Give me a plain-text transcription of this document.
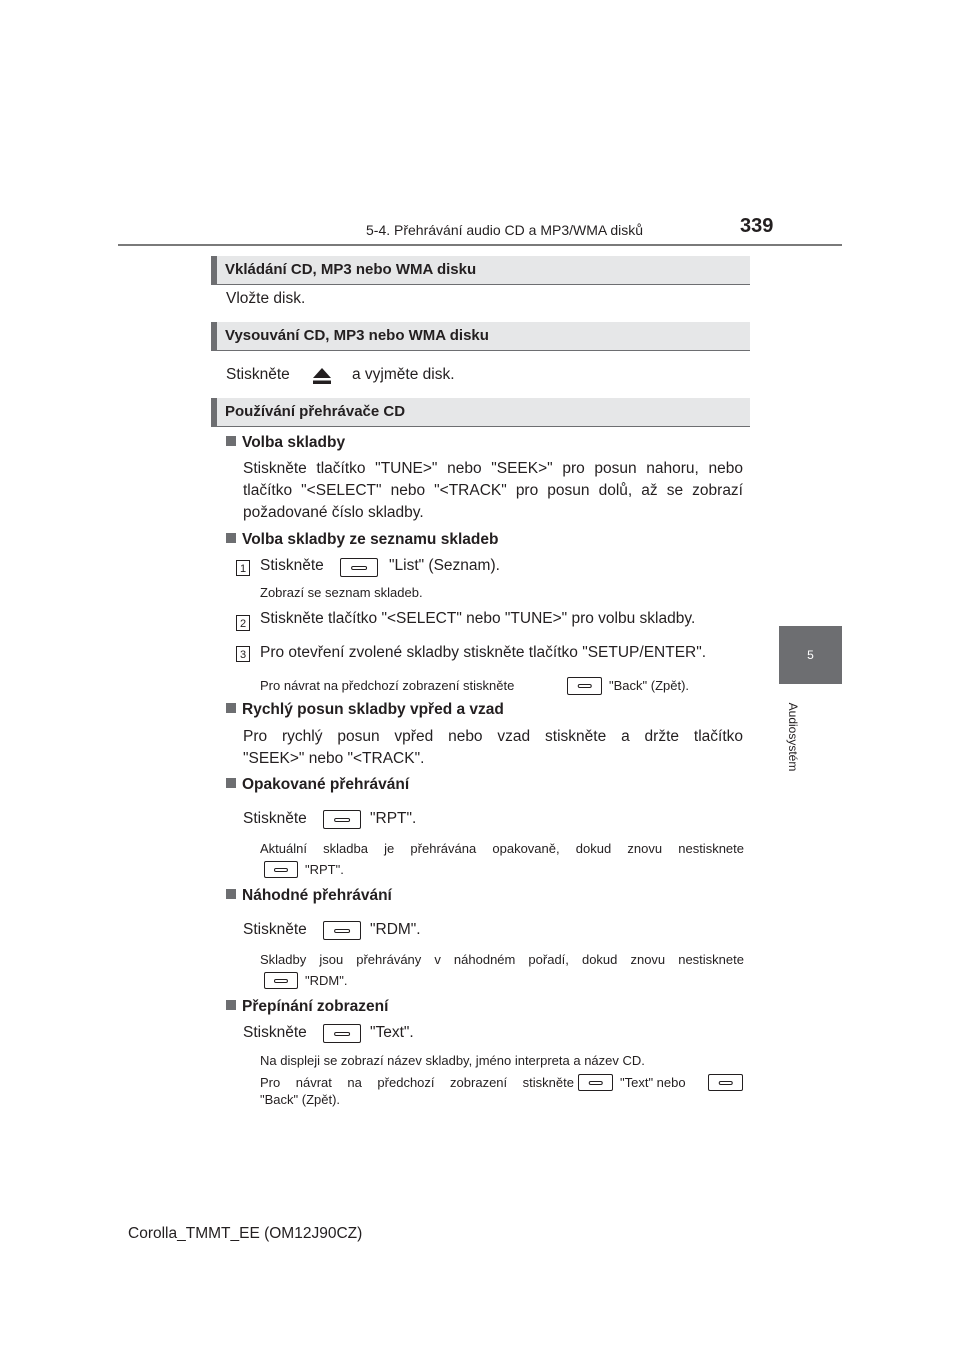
5-4. Přehrávání audio CD a MP3/WMA disků	339
5
Audiosystém
Vkládání CD, MP3 nebo WMA disku
Vložte disk.
Vysouvání CD, MP3 nebo WMA disku
Stiskněte	a vyjměte disk.
Používání přehrávače CD
Volba skladby
Stiskněte tlačítko "TUNE>" nebo "SEEK>" pro posun nahoru, nebo
tlačítko "<SELECT" nebo "<TRACK" pro posun dolů, až se zobrazí
požadované číslo skladby.
Volba skladby ze seznamu skladeb
1 Stiskněte	"List" (Seznam).
Zobrazí se seznam skladeb.
2 Stiskněte tlačítko "<SELECT" nebo "TUNE>" pro volbu skladby.
3 Pro otevření zvolené skladby stiskněte tlačítko "SETUP/ENTER".
Pro návrat na předchozí zobrazení stiskněte	"Back" (Zpět).
Rychlý posun skladby vpřed a vzad
Pro rychlý posun vpřed nebo vzad stiskněte a držte tlačítko
"SEEK>" nebo "<TRACK".
Opakované přehrávání
Stiskněte	"RPT".
Aktuální skladba je přehrávána opakovaně, dokud znovu nestisknete
"RPT".
Náhodné přehrávání
Stiskněte	"RDM".
Skladby jsou přehrávány v náhodném pořadí, dokud znovu nestisknete
"RDM".
Přepínání zobrazení
Stiskněte	"Text".
Na displeji se zobrazí název skladby, jméno interpreta a název CD.
Pro návrat na předchozí zobrazení stiskněte	"Text" nebo
"Back" (Zpět).
Corolla_TMMT_EE (OM12J90CZ)
